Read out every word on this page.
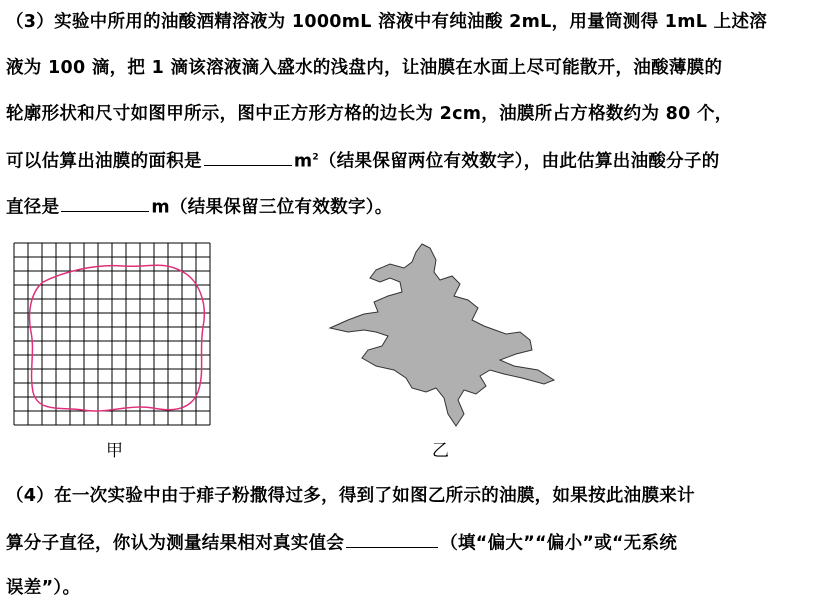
（3）实验中所用的油酸酒精溶液为 1000mL 溶液中有纯油酸 2mL，用量筒测得 1mL 上述溶
液为 100 滴，把 1 滴该溶液滴入盛水的浅盘内，让油膜在水面上尽可能散开，油酸薄膜的
轮廓形状和尺寸如图甲所示，图中正方形方格的边长为 2cm，油膜所占方格数约为 80 个，
可以估算出油膜的面积是	$m^2$（结果保留两位有效数字），由此估算出油酸分子的
直径是	m（结果保留三位有效数字）。
甲	乙
（4）在一次实验中由于痱子粉撒得过多，得到了如图乙所示的油膜，如果按此油膜来计
算分子直径，你认为测量结果相对真实值会	（填“偏大”“偏小”或“无系统
误差”）。
